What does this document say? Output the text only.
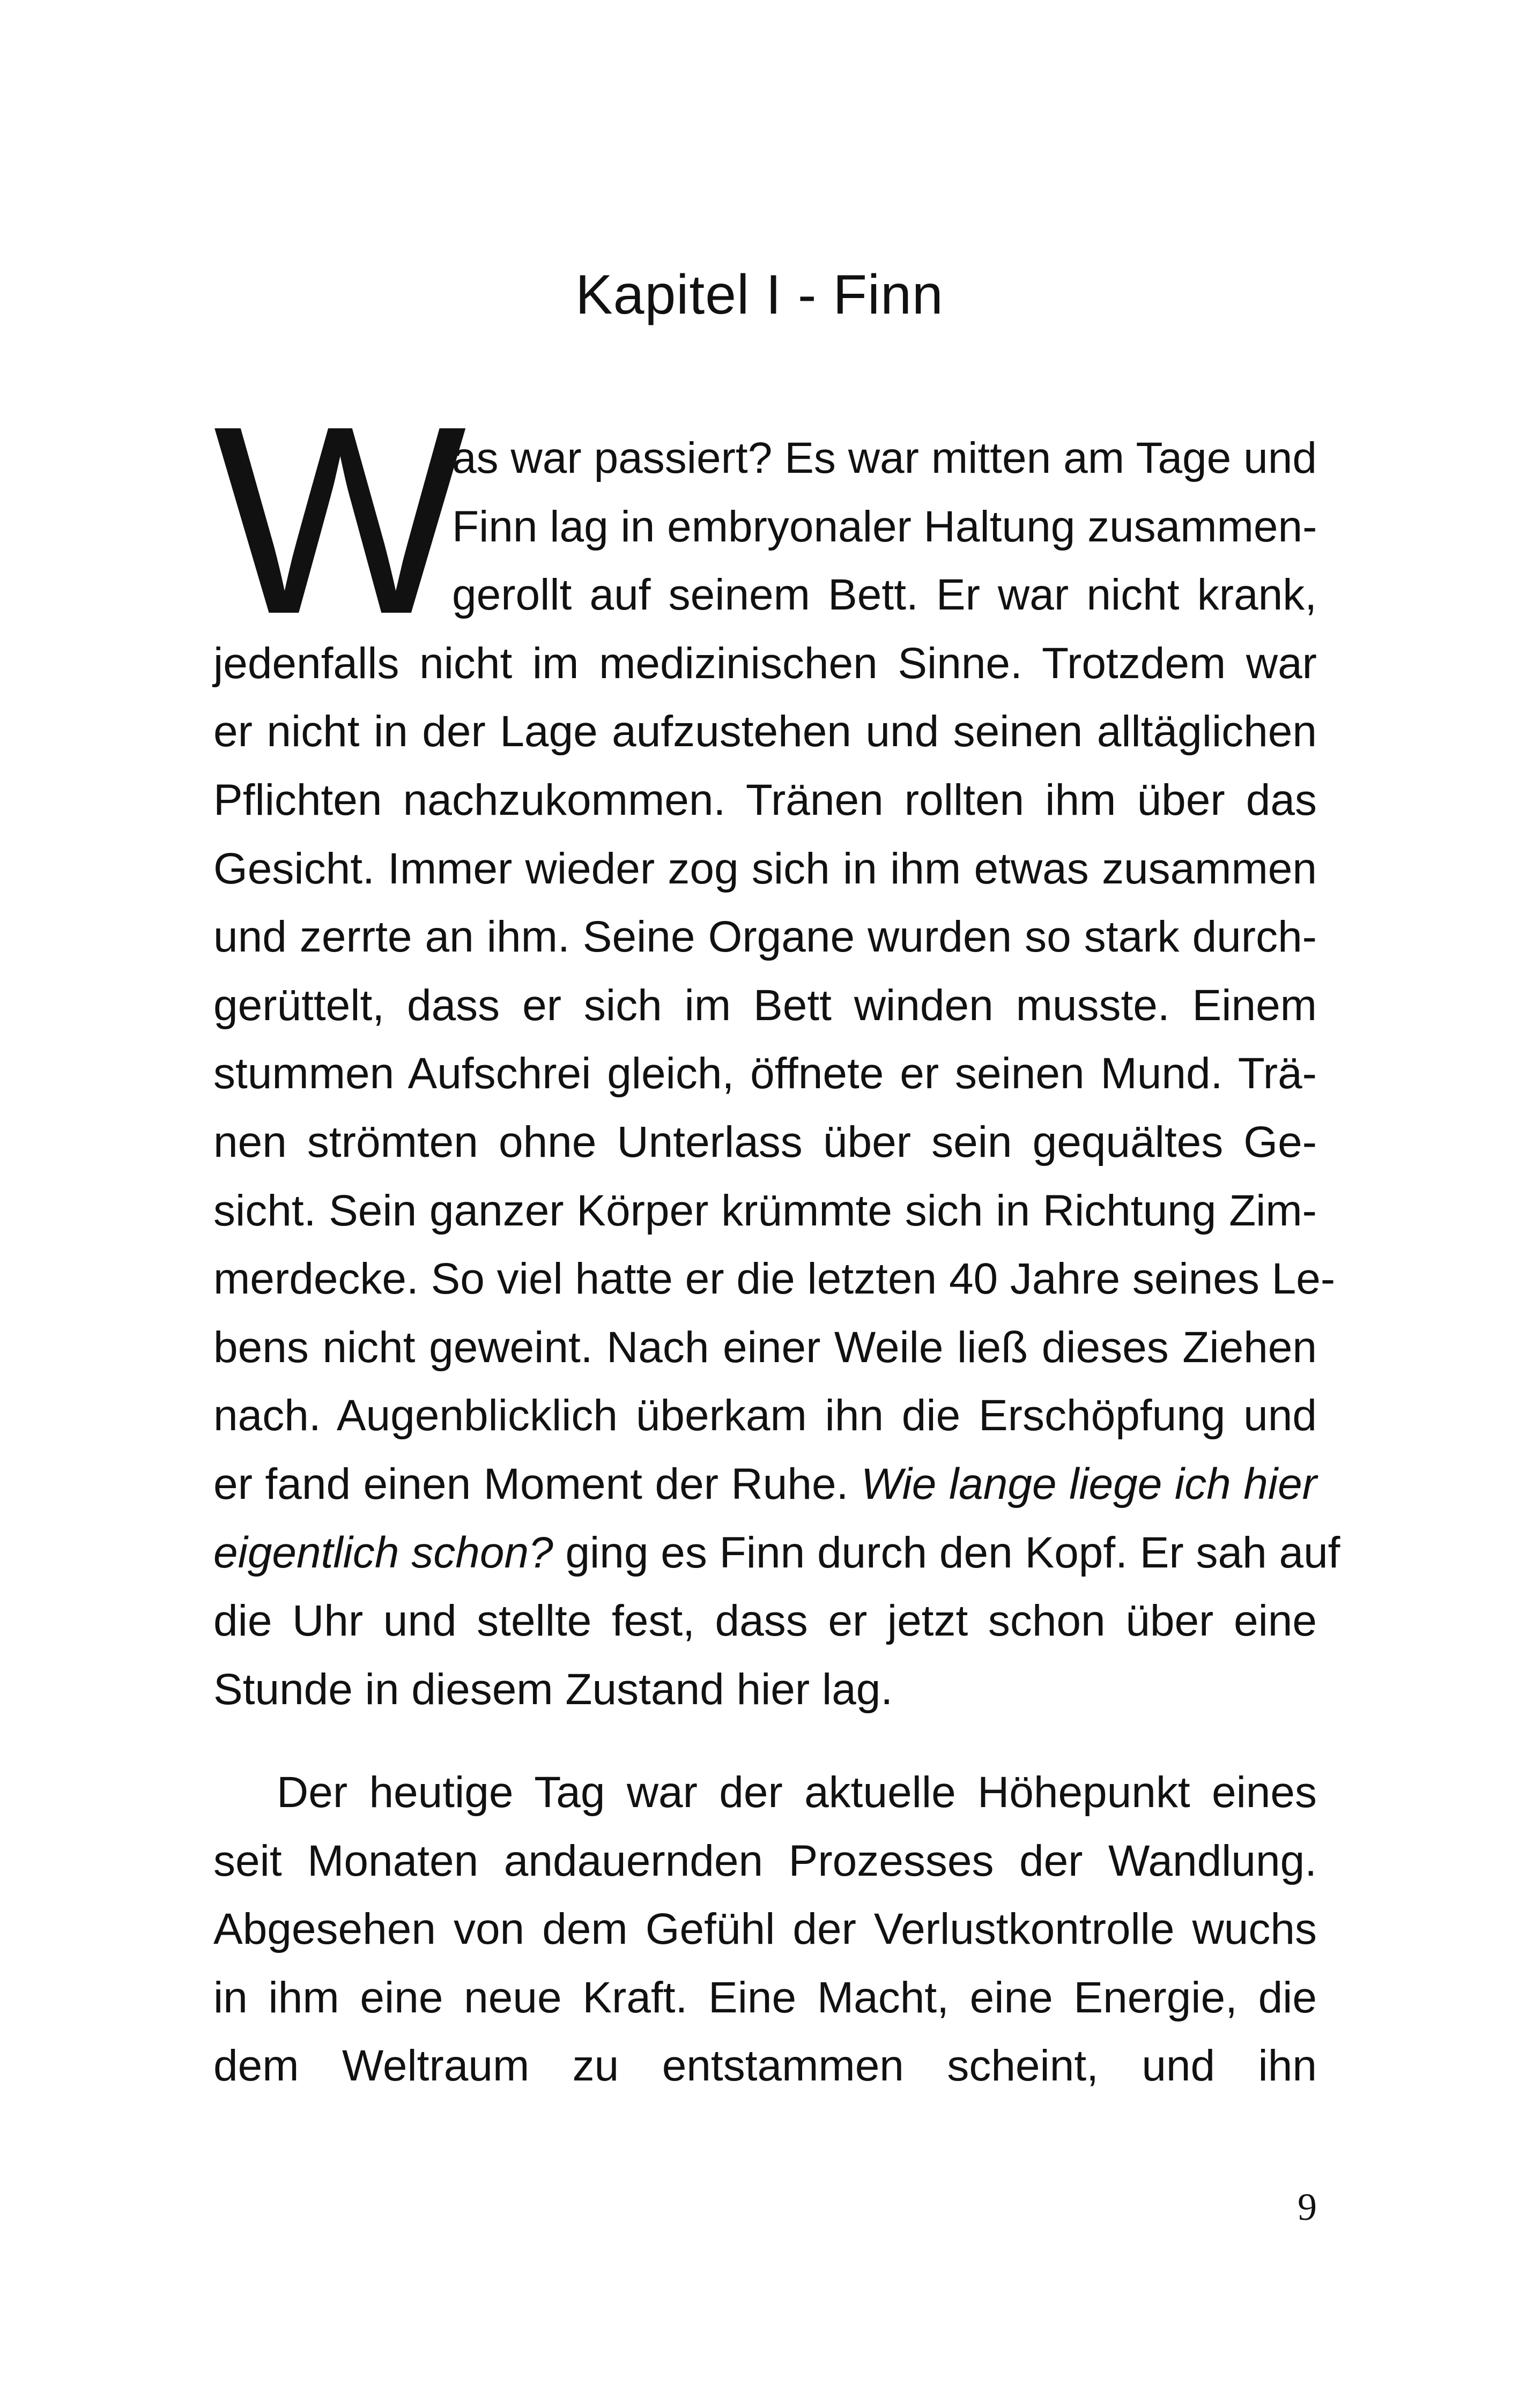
Kapitel I - Finn
W
as war passiert? Es war mitten am Tage und
Finn lag in embryonaler Haltung zusammen-
gerollt auf seinem Bett. Er war nicht krank,
jedenfalls nicht im medizinischen Sinne. Trotzdem war
er nicht in der Lage aufzustehen und seinen alltäglichen
Pflichten nachzukommen. Tränen rollten ihm über das
Gesicht. Immer wieder zog sich in ihm etwas zusammen
und zerrte an ihm. Seine Organe wurden so stark durch-
gerüttelt, dass er sich im Bett winden musste. Einem
stummen Aufschrei gleich, öffnete er seinen Mund. Trä-
nen strömten ohne Unterlass über sein gequältes Ge-
sicht. Sein ganzer Körper krümmte sich in Richtung Zim-
merdecke. So viel hatte er die letzten 40 Jahre seines Le-
bens nicht geweint. Nach einer Weile ließ dieses Ziehen
nach. Augenblicklich überkam ihn die Erschöpfung und
er fand einen Moment der Ruhe. Wie lange liege ich hier
eigentlich schon? ging es Finn durch den Kopf. Er sah auf
die Uhr und stellte fest, dass er jetzt schon über eine
Stunde in diesem Zustand hier lag.
Der heutige Tag war der aktuelle Höhepunkt eines
seit Monaten andauernden Prozesses der Wandlung.
Abgesehen von dem Gefühl der Verlustkontrolle wuchs
in ihm eine neue Kraft. Eine Macht, eine Energie, die
dem Weltraum zu entstammen scheint, und ihn
9
